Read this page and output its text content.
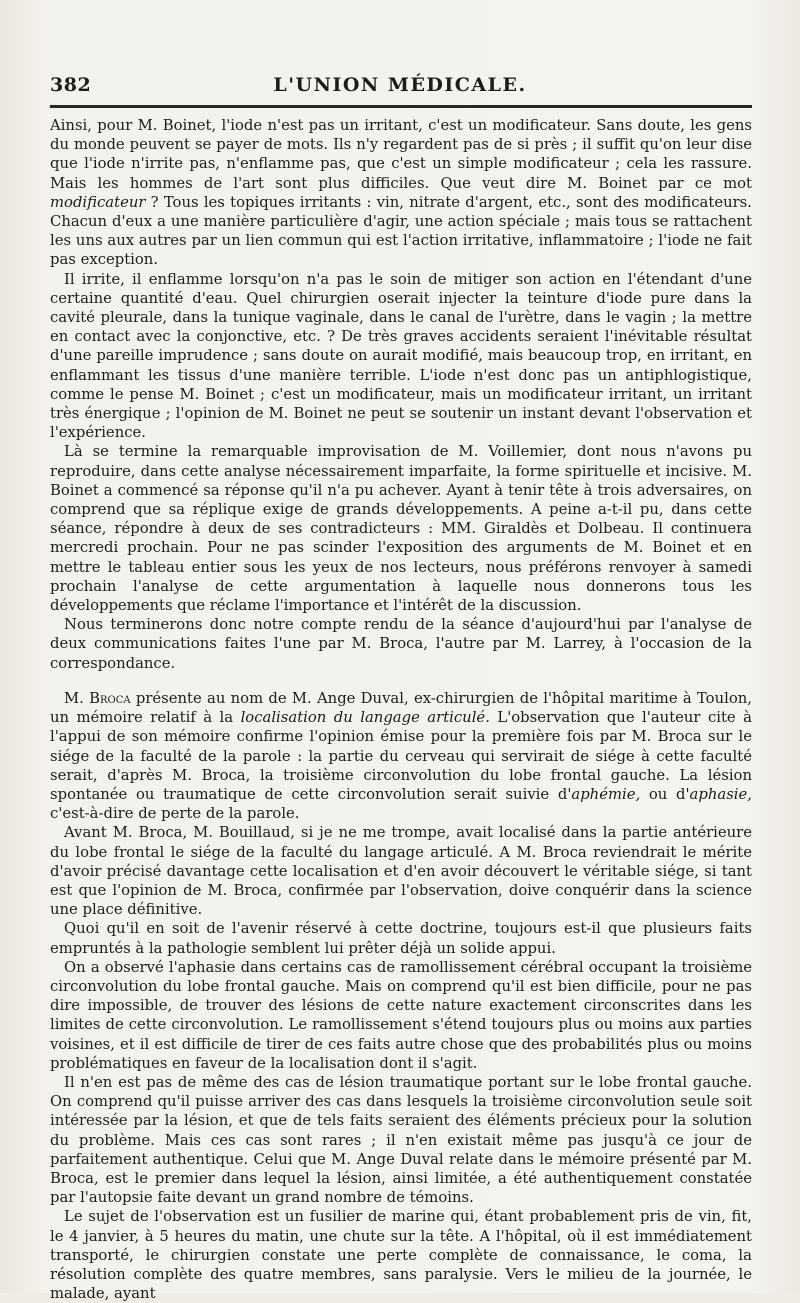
382	L'UNION MÉDICALE.

Ainsi, pour M. Boinet, l'iode n'est pas un irritant, c'est un modificateur. Sans doute, les gens du monde peuvent se payer de mots. Ils n'y regardent pas de si près ; il suffit qu'on leur dise que l'iode n'irrite pas, n'enflamme pas, que c'est un simple modificateur ; cela les rassure. Mais les hommes de l'art sont plus difficiles. Que veut dire M. Boinet par ce mot modificateur ? Tous les topiques irritants : vin, nitrate d'argent, etc., sont des modificateurs. Chacun d'eux a une manière particulière d'agir, une action spéciale ; mais tous se rattachent les uns aux autres par un lien commun qui est l'action irritative, inflammatoire ; l'iode ne fait pas exception.

Il irrite, il enflamme lorsqu'on n'a pas le soin de mitiger son action en l'étendant d'une certaine quantité d'eau. Quel chirurgien oserait injecter la teinture d'iode pure dans la cavité pleurale, dans la tunique vaginale, dans le canal de l'urètre, dans le vagin ; la mettre en contact avec la conjonctive, etc. ? De très graves accidents seraient l'inévitable résultat d'une pareille imprudence ; sans doute on aurait modifié, mais beaucoup trop, en irritant, en enflammant les tissus d'une manière terrible. L'iode n'est donc pas un antiphlogistique, comme le pense M. Boinet ; c'est un modificateur, mais un modificateur irritant, un irritant très énergique ; l'opinion de M. Boinet ne peut se soutenir un instant devant l'observation et l'expérience.

Là se termine la remarquable improvisation de M. Voillemier, dont nous n'avons pu reproduire, dans cette analyse nécessairement imparfaite, la forme spirituelle et incisive. M. Boinet a commencé sa réponse qu'il n'a pu achever. Ayant à tenir tête à trois adversaires, on comprend que sa réplique exige de grands développements. A peine a-t-il pu, dans cette séance, répondre à deux de ses contradicteurs : MM. Giraldès et Dolbeau. Il continuera mercredi prochain. Pour ne pas scinder l'exposition des arguments de M. Boinet et en mettre le tableau entier sous les yeux de nos lecteurs, nous préférons renvoyer à samedi prochain l'analyse de cette argumentation à laquelle nous donnerons tous les développements que réclame l'importance et l'intérêt de la discussion.

Nous terminerons donc notre compte rendu de la séance d'aujourd'hui par l'analyse de deux communications faites l'une par M. Broca, l'autre par M. Larrey, à l'occasion de la correspondance.

M. Broca présente au nom de M. Ange Duval, ex-chirurgien de l'hôpital maritime à Toulon, un mémoire relatif à la localisation du langage articulé. L'observation que l'auteur cite à l'appui de son mémoire confirme l'opinion émise pour la première fois par M. Broca sur le siége de la faculté de la parole : la partie du cerveau qui servirait de siége à cette faculté serait, d'après M. Broca, la troisième circonvolution du lobe frontal gauche. La lésion spontanée ou traumatique de cette circonvolution serait suivie d'aphémie, ou d'aphasie, c'est-à-dire de perte de la parole.

Avant M. Broca, M. Bouillaud, si je ne me trompe, avait localisé dans la partie antérieure du lobe frontal le siége de la faculté du langage articulé. A M. Broca reviendrait le mérite d'avoir précisé davantage cette localisation et d'en avoir découvert le véritable siége, si tant est que l'opinion de M. Broca, confirmée par l'observation, doive conquérir dans la science une place définitive.

Quoi qu'il en soit de l'avenir réservé à cette doctrine, toujours est-il que plusieurs faits empruntés à la pathologie semblent lui prêter déjà un solide appui.

On a observé l'aphasie dans certains cas de ramollissement cérébral occupant la troisième circonvolution du lobe frontal gauche. Mais on comprend qu'il est bien difficile, pour ne pas dire impossible, de trouver des lésions de cette nature exactement circonscrites dans les limites de cette circonvolution. Le ramollissement s'étend toujours plus ou moins aux parties voisines, et il est difficile de tirer de ces faits autre chose que des probabilités plus ou moins problématiques en faveur de la localisation dont il s'agit.

Il n'en est pas de même des cas de lésion traumatique portant sur le lobe frontal gauche. On comprend qu'il puisse arriver des cas dans lesquels la troisième circonvolution seule soit intéressée par la lésion, et que de tels faits seraient des éléments précieux pour la solution du problème. Mais ces cas sont rares ; il n'en existait même pas jusqu'à ce jour de parfaitement authentique. Celui que M. Ange Duval relate dans le mémoire présenté par M. Broca, est le premier dans lequel la lésion, ainsi limitée, a été authentiquement constatée par l'autopsie faite devant un grand nombre de témoins.

Le sujet de l'observation est un fusilier de marine qui, étant probablement pris de vin, fit, le 4 janvier, à 5 heures du matin, une chute sur la tête. A l'hôpital, où il est immédiatement transporté, le chirurgien constate une perte complète de connaissance, le coma, la résolution complète des quatre membres, sans paralysie. Vers le milieu de la journée, le malade, ayant
